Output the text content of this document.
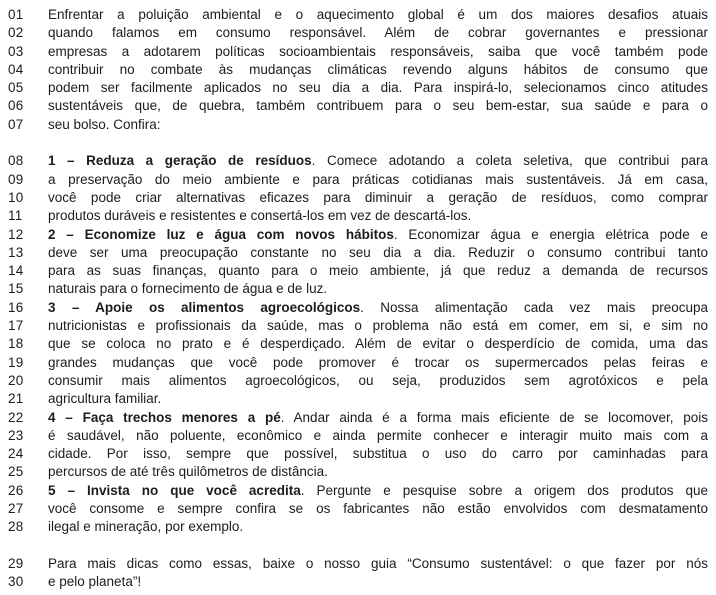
01	Enfrentar a poluição ambiental e o aquecimento global é um dos maiores desafios atuais
02	quando falamos em consumo responsável. Além de cobrar governantes e pressionar
03	empresas a adotarem políticas socioambientais responsáveis, saiba que você também pode
04	contribuir no combate às mudanças climáticas revendo alguns hábitos de consumo que
05	podem ser facilmente aplicados no seu dia a dia. Para inspirá-lo, selecionamos cinco atitudes
06	sustentáveis que, de quebra, também contribuem para o seu bem-estar, sua saúde e para o
07	seu bolso. Confira:
08	1 – Reduza a geração de resíduos. Comece adotando a coleta seletiva, que contribui para
09	a preservação do meio ambiente e para práticas cotidianas mais sustentáveis. Já em casa,
10	você pode criar alternativas eficazes para diminuir a geração de resíduos, como comprar
11	produtos duráveis e resistentes e consertá-los em vez de descartá-los.
12	2 – Economize luz e água com novos hábitos. Economizar água e energia elétrica pode e
13	deve ser uma preocupação constante no seu dia a dia. Reduzir o consumo contribui tanto
14	para as suas finanças, quanto para o meio ambiente, já que reduz a demanda de recursos
15	naturais para o fornecimento de água e de luz.
16	3 – Apoie os alimentos agroecológicos. Nossa alimentação cada vez mais preocupa
17	nutricionistas e profissionais da saúde, mas o problema não está em comer, em si, e sim no
18	que se coloca no prato e é desperdiçado. Além de evitar o desperdício de comida, uma das
19	grandes mudanças que você pode promover é trocar os supermercados pelas feiras e
20	consumir mais alimentos agroecológicos, ou seja, produzidos sem agrotóxicos e pela
21	agricultura familiar.
22	4 – Faça trechos menores a pé. Andar ainda é a forma mais eficiente de se locomover, pois
23	é saudável, não poluente, econômico e ainda permite conhecer e interagir muito mais com a
24	cidade. Por isso, sempre que possível, substitua o uso do carro por caminhadas para
25	percursos de até três quilômetros de distância.
26	5 – Invista no que você acredita. Pergunte e pesquise sobre a origem dos produtos que
27	você consome e sempre confira se os fabricantes não estão envolvidos com desmatamento
28	ilegal e mineração, por exemplo.
29	Para mais dicas como essas, baixe o nosso guia “Consumo sustentável: o que fazer por nós
30	e pelo planeta”!
